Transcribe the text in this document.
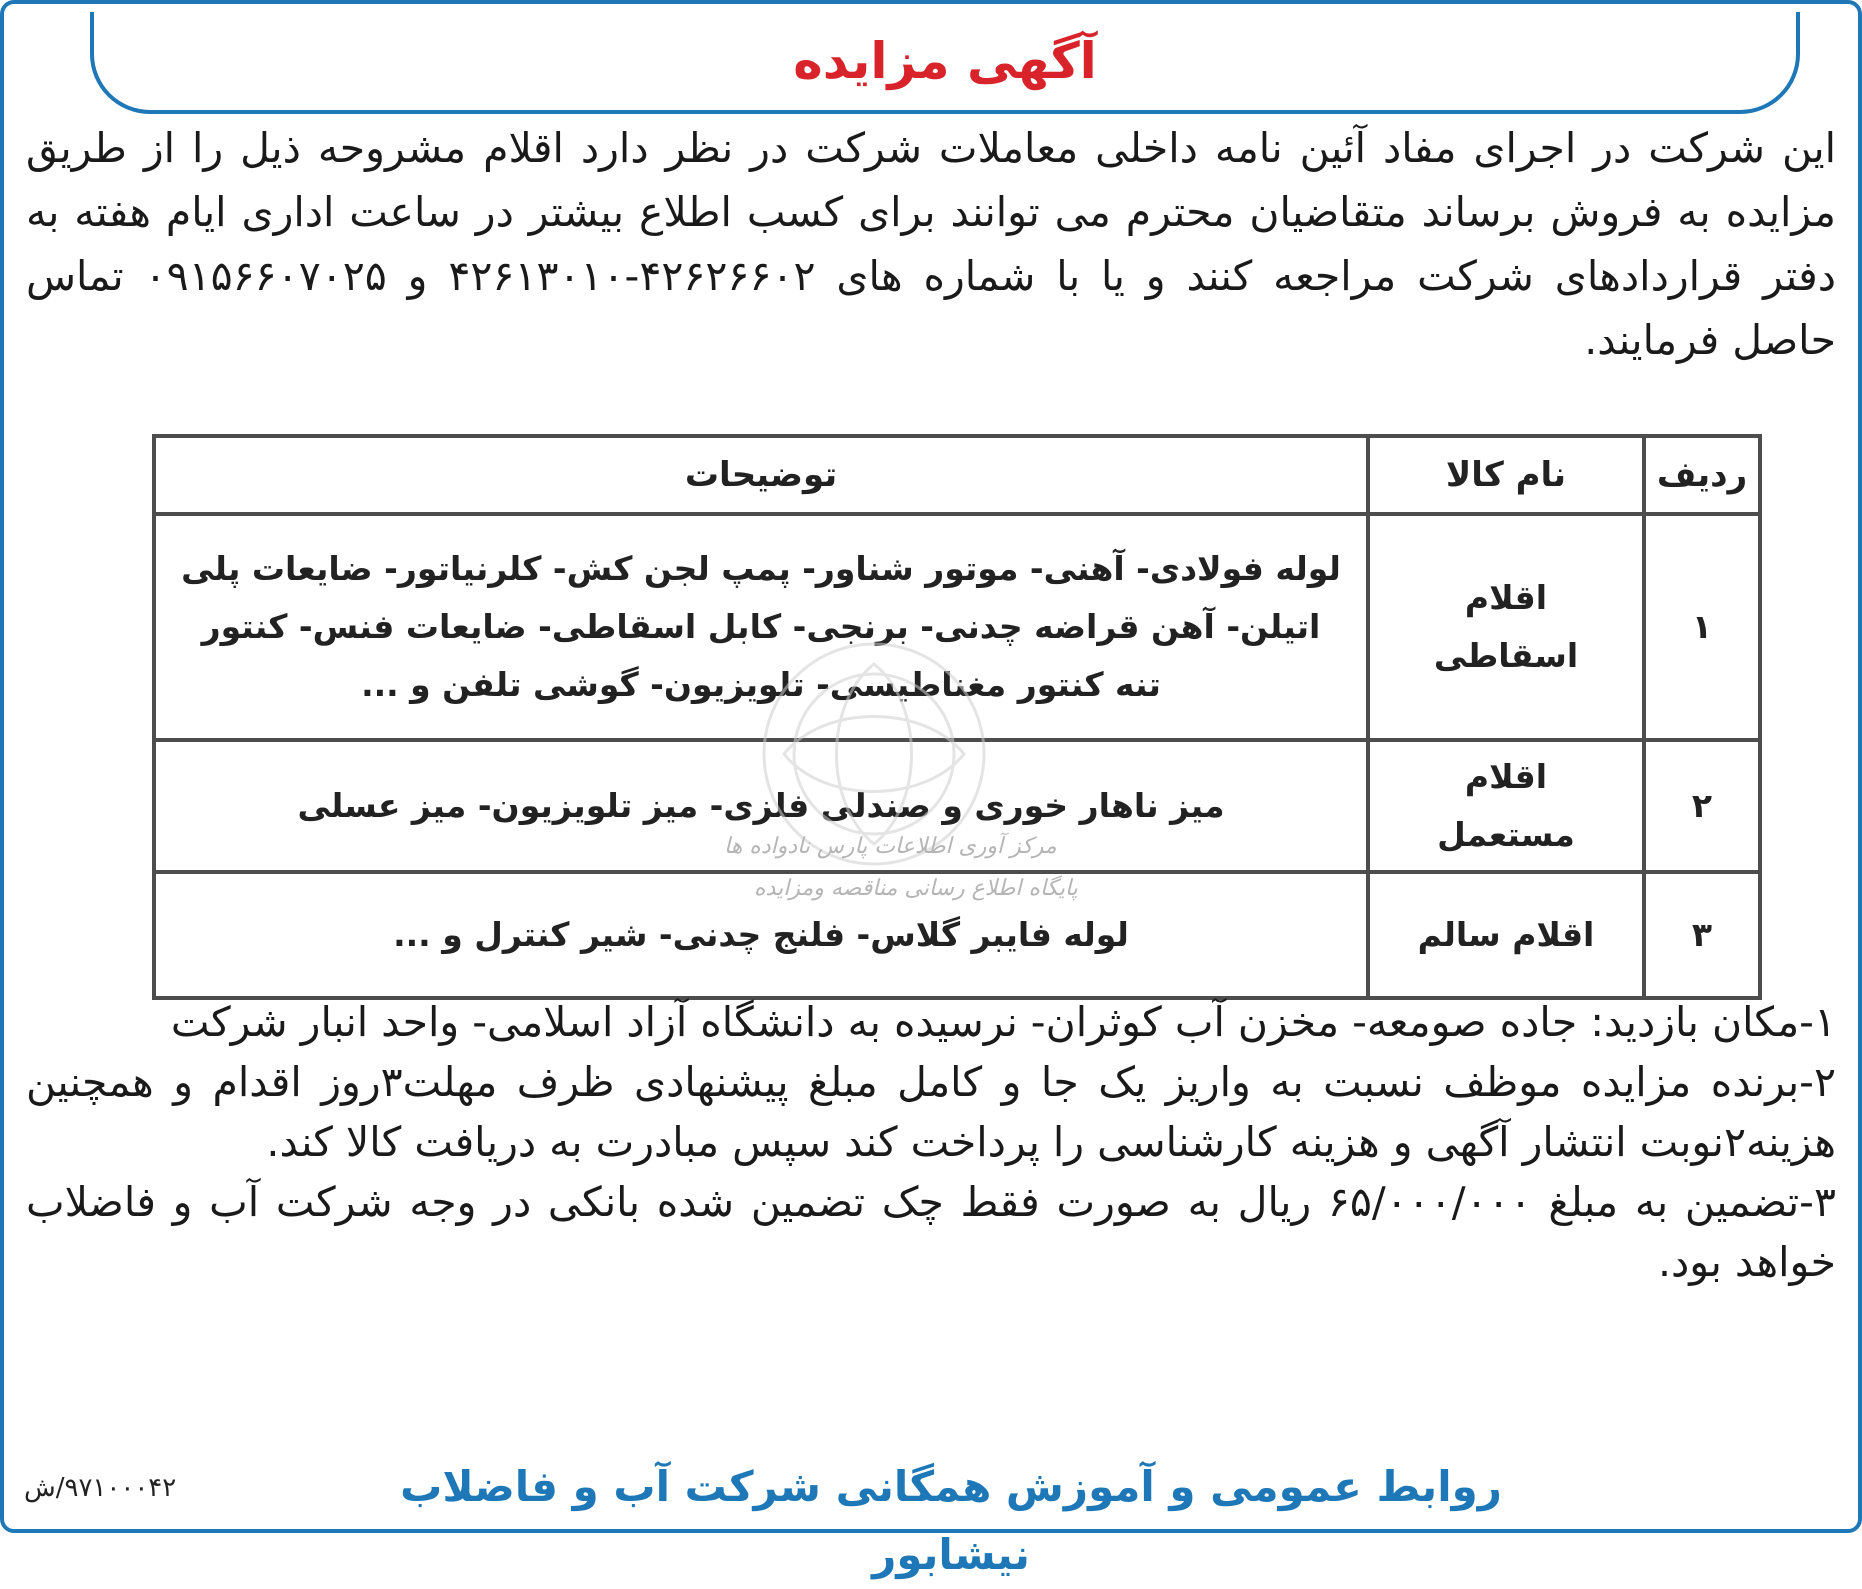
آگهی مزایده
این شرکت در اجرای مفاد آئین نامه داخلی معاملات شرکت در نظر دارد اقلام مشروحه ذیل را از طریق مزایده به فروش برساند متقاضیان محترم می توانند برای کسب اطلاع بیشتر در ساعت اداری ایام هفته به دفتر قراردادهای شرکت مراجعه کنند و یا با شماره های ۴۲۶۲۶۶۰۲-۴۲۶۱۳۰۱۰ و ۰۹۱۵۶۶۰۷۰۲۵ تماس حاصل فرمایند.
ردیف	نام کالا	توضیحات
۱	اقلام اسقاطی	لوله فولادی- آهنی- موتور شناور- پمپ لجن کش- کلرنیاتور- ضایعات پلی اتیلن- آهن قراضه چدنی- برنجی- کابل اسقاطی- ضایعات فنس- کنتور تنه کنتور مغناطیسی- تلویزیون- گوشی تلفن و ...
۲	اقلام مستعمل	میز ناهار خوری و صندلی فلزی- میز تلویزیون- میز عسلی
۳	اقلام سالم	لوله فایبر گلاس- فلنج چدنی- شیر کنترل و ...
مرکز آوری اطلاعات پارس نادواده ها
پایگاه اطلاع رسانی مناقصه ومزایده

۱-مکان بازدید: جاده صومعه- مخزن آب کوثران- نرسیده به دانشگاه آزاد اسلامی- واحد انبار شرکت

۲-برنده مزایده موظف نسبت به واریز یک جا و کامل مبلغ پیشنهادی ظرف مهلت۳روز اقدام و همچنین هزینه۲نوبت انتشار آگهی و هزینه کارشناسی را پرداخت کند سپس مبادرت به دریافت کالا کند.

۳-تضمین به مبلغ ۶۵/۰۰۰/۰۰۰ ریال به صورت فقط چک تضمین شده بانکی در وجه شرکت آب و فاضلاب خواهد بود.

روابط عمومی و آموزش همگانی شرکت آب و فاضلاب نیشابور
۹۷۱۰۰۰۴۲/ش
